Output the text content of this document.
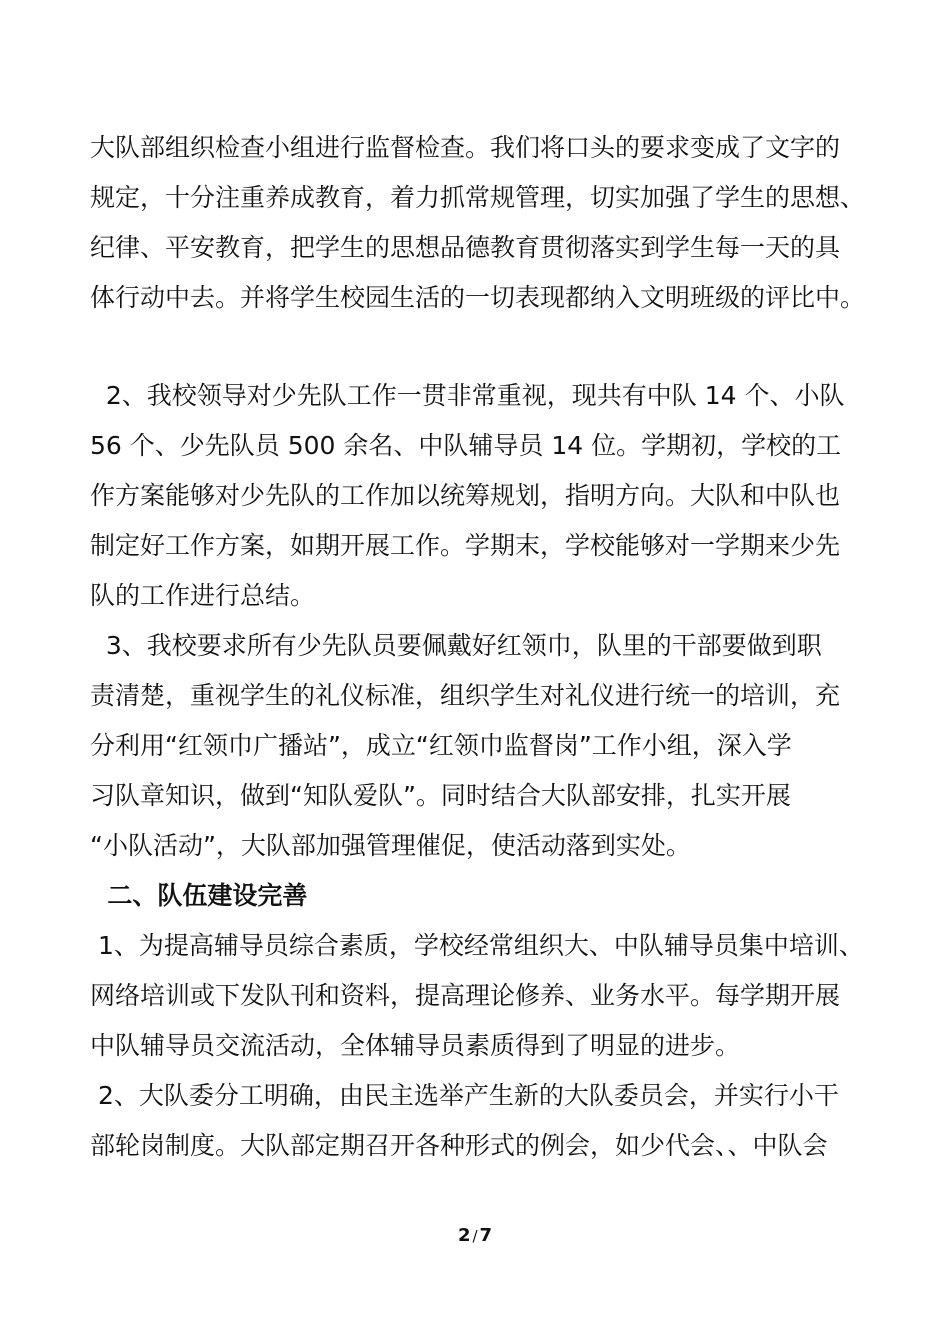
大队部组织检查小组进行监督检查。我们将口头的要求变成了文字的
规定，十分注重养成教育，着力抓常规管理，切实加强了学生的思想、
纪律、平安教育，把学生的思想品德教育贯彻落实到学生每一天的具
体行动中去。并将学生校园生活的一切表现都纳入文明班级的评比中。
2、我校领导对少先队工作一贯非常重视，现共有中队 14 个、小队
56 个、少先队员 500 余名、中队辅导员 14 位。学期初，学校的工
作方案能够对少先队的工作加以统筹规划，指明方向。大队和中队也
制定好工作方案，如期开展工作。学期末，学校能够对一学期来少先
队的工作进行总结。
3、我校要求所有少先队员要佩戴好红领巾，队里的干部要做到职
责清楚，重视学生的礼仪标准，组织学生对礼仪进行统一的培训，充
分利用“红领巾广播站”，成立“红领巾监督岗”工作小组，深入学
习队章知识，做到“知队爱队”。同时结合大队部安排，扎实开展
“小队活动”，大队部加强管理催促，使活动落到实处。
二、队伍建设完善
1、为提高辅导员综合素质，学校经常组织大、中队辅导员集中培训、
网络培训或下发队刊和资料，提高理论修养、业务水平。每学期开展
中队辅导员交流活动，全体辅导员素质得到了明显的进步。
2、大队委分工明确，由民主选举产生新的大队委员会，并实行小干
部轮岗制度。大队部定期召开各种形式的例会，如少代会、、中队会
2 / 7
